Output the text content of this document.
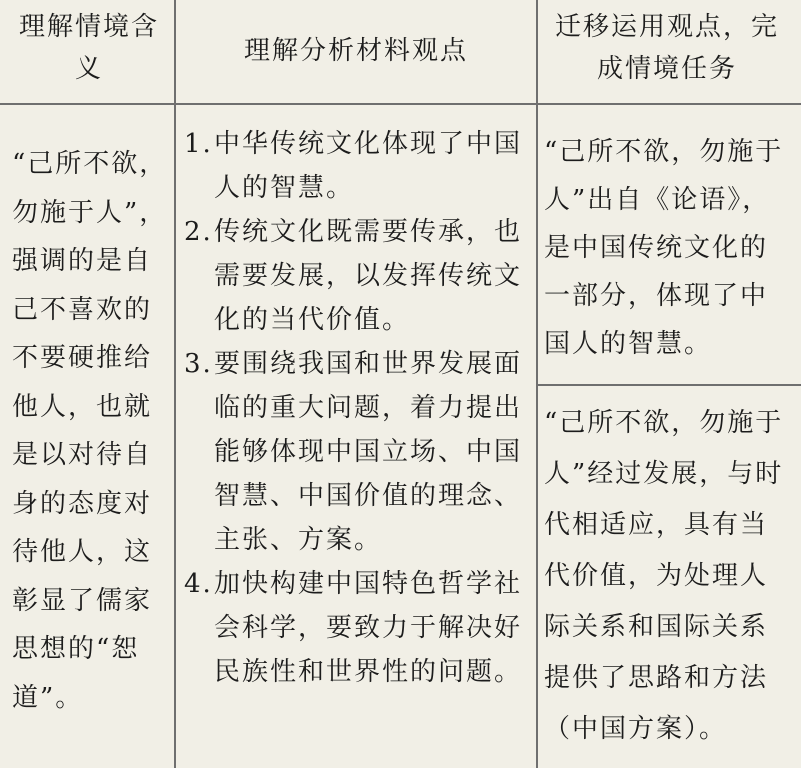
理解情境含义
理解分析材料观点
迁移运用观点，完成情境任务
“己所不欲，勿施于人”，强调的是自己不喜欢的不要硬推给他人，也就是以对待自身的态度对待他人，这彰显了儒家思想的“恕道”。
1. 中华传统文化体现了中国人的智慧。
2. 传统文化既需要传承，也需要发展，以发挥传统文化的当代价值。
3. 要围绕我国和世界发展面临的重大问题，着力提出能够体现中国立场、中国智慧、中国价值的理念、主张、方案。
4. 加快构建中国特色哲学社会科学，要致力于解决好民族性和世界性的问题。
“己所不欲，勿施于人”出自《论语》，是中国传统文化的一部分，体现了中国人的智慧。
“己所不欲，勿施于人”经过发展，与时代相适应，具有当代价值，为处理人际关系和国际关系提供了思路和方法（中国方案）。
